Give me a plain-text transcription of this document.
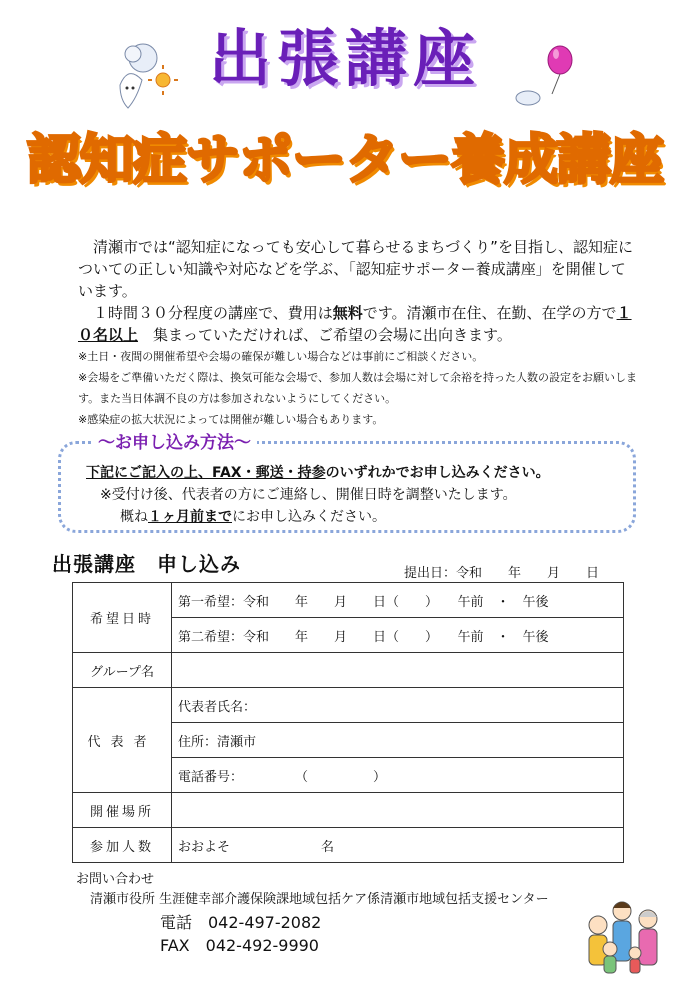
出張講座
認知症サポーター養成講座

清瀬市では“認知症になっても安心して暮らせるまちづくり”を目指し、認知症についての正しい知識や対応などを学ぶ、「認知症サポーター養成講座」を開催しています。

１時間３０分程度の講座で、費用は無料です。清瀬市在住、在勤、在学の方で１０名以上　 集まっていただければ、ご希望の会場に出向きます。

※土日・夜間の開催希望や会場の確保が難しい場合などは事前にご相談ください。

※会場をご準備いただく際は、換気可能な会場で、参加人数は会場に対して余裕を持った人数の設定をお願いします。また当日体調不良の方は参加されないようにしてください。

※感染症の拡大状況によっては開催が難しい場合もあります。

～お申し込み方法～

下記にご記入の上、FAX・郵送・持参のいずれかでお申し込みください。

※受付け後、代表者の方にご連絡し、開催日時を調整いたします。

概ね１ヶ月前までにお申し込みください。

出張講座　申し込み	提出日：令和　　年　　月　　日
希望日時	第一希望：令和　　年　　月　　日（　　）　　午前　・　午後
	第二希望：令和　　年　　月　　日（　　）　　午前　・　午後
グループ名	
代表者	代表者氏名：
	住所：清瀬市
	電話番号：　　　　　（　　　　　）
開催場所	
参加人数	おおよそ　　　　　　　名

お問い合わせ

清瀬市役所 生涯健幸部介護保険課地域包括ケア係清瀬市地域包括支援センター

電話　042-497-2082

FAX　042-492-9990
